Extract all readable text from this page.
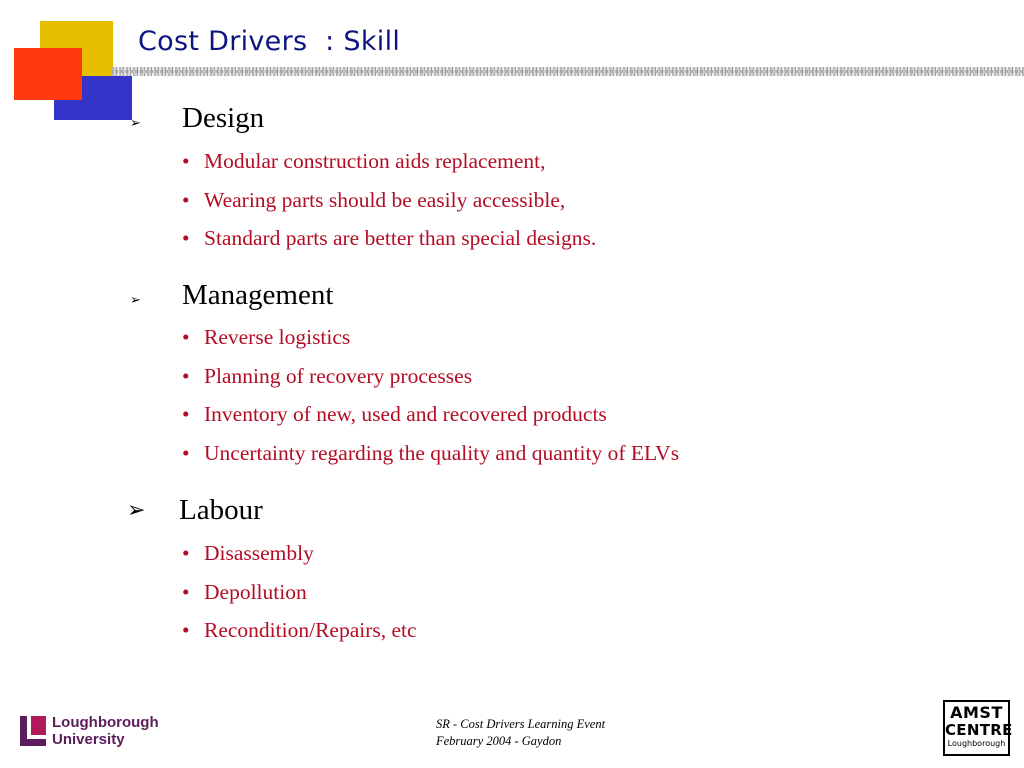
Cost Drivers  : Skill
➢ Design
• Modular construction aids replacement,
• Wearing parts should be easily accessible,
• Standard parts are better than special designs.
➢ Management
• Reverse logistics
• Planning of recovery processes
• Inventory of new, used and recovered products
• Uncertainty regarding the quality and quantity of ELVs
➢ Labour
• Disassembly
• Depollution
• Recondition/Repairs, etc
Loughborough
University
SR - Cost Drivers Learning Event
February 2004 - Gaydon
AMST
CENTRE
Loughborough
